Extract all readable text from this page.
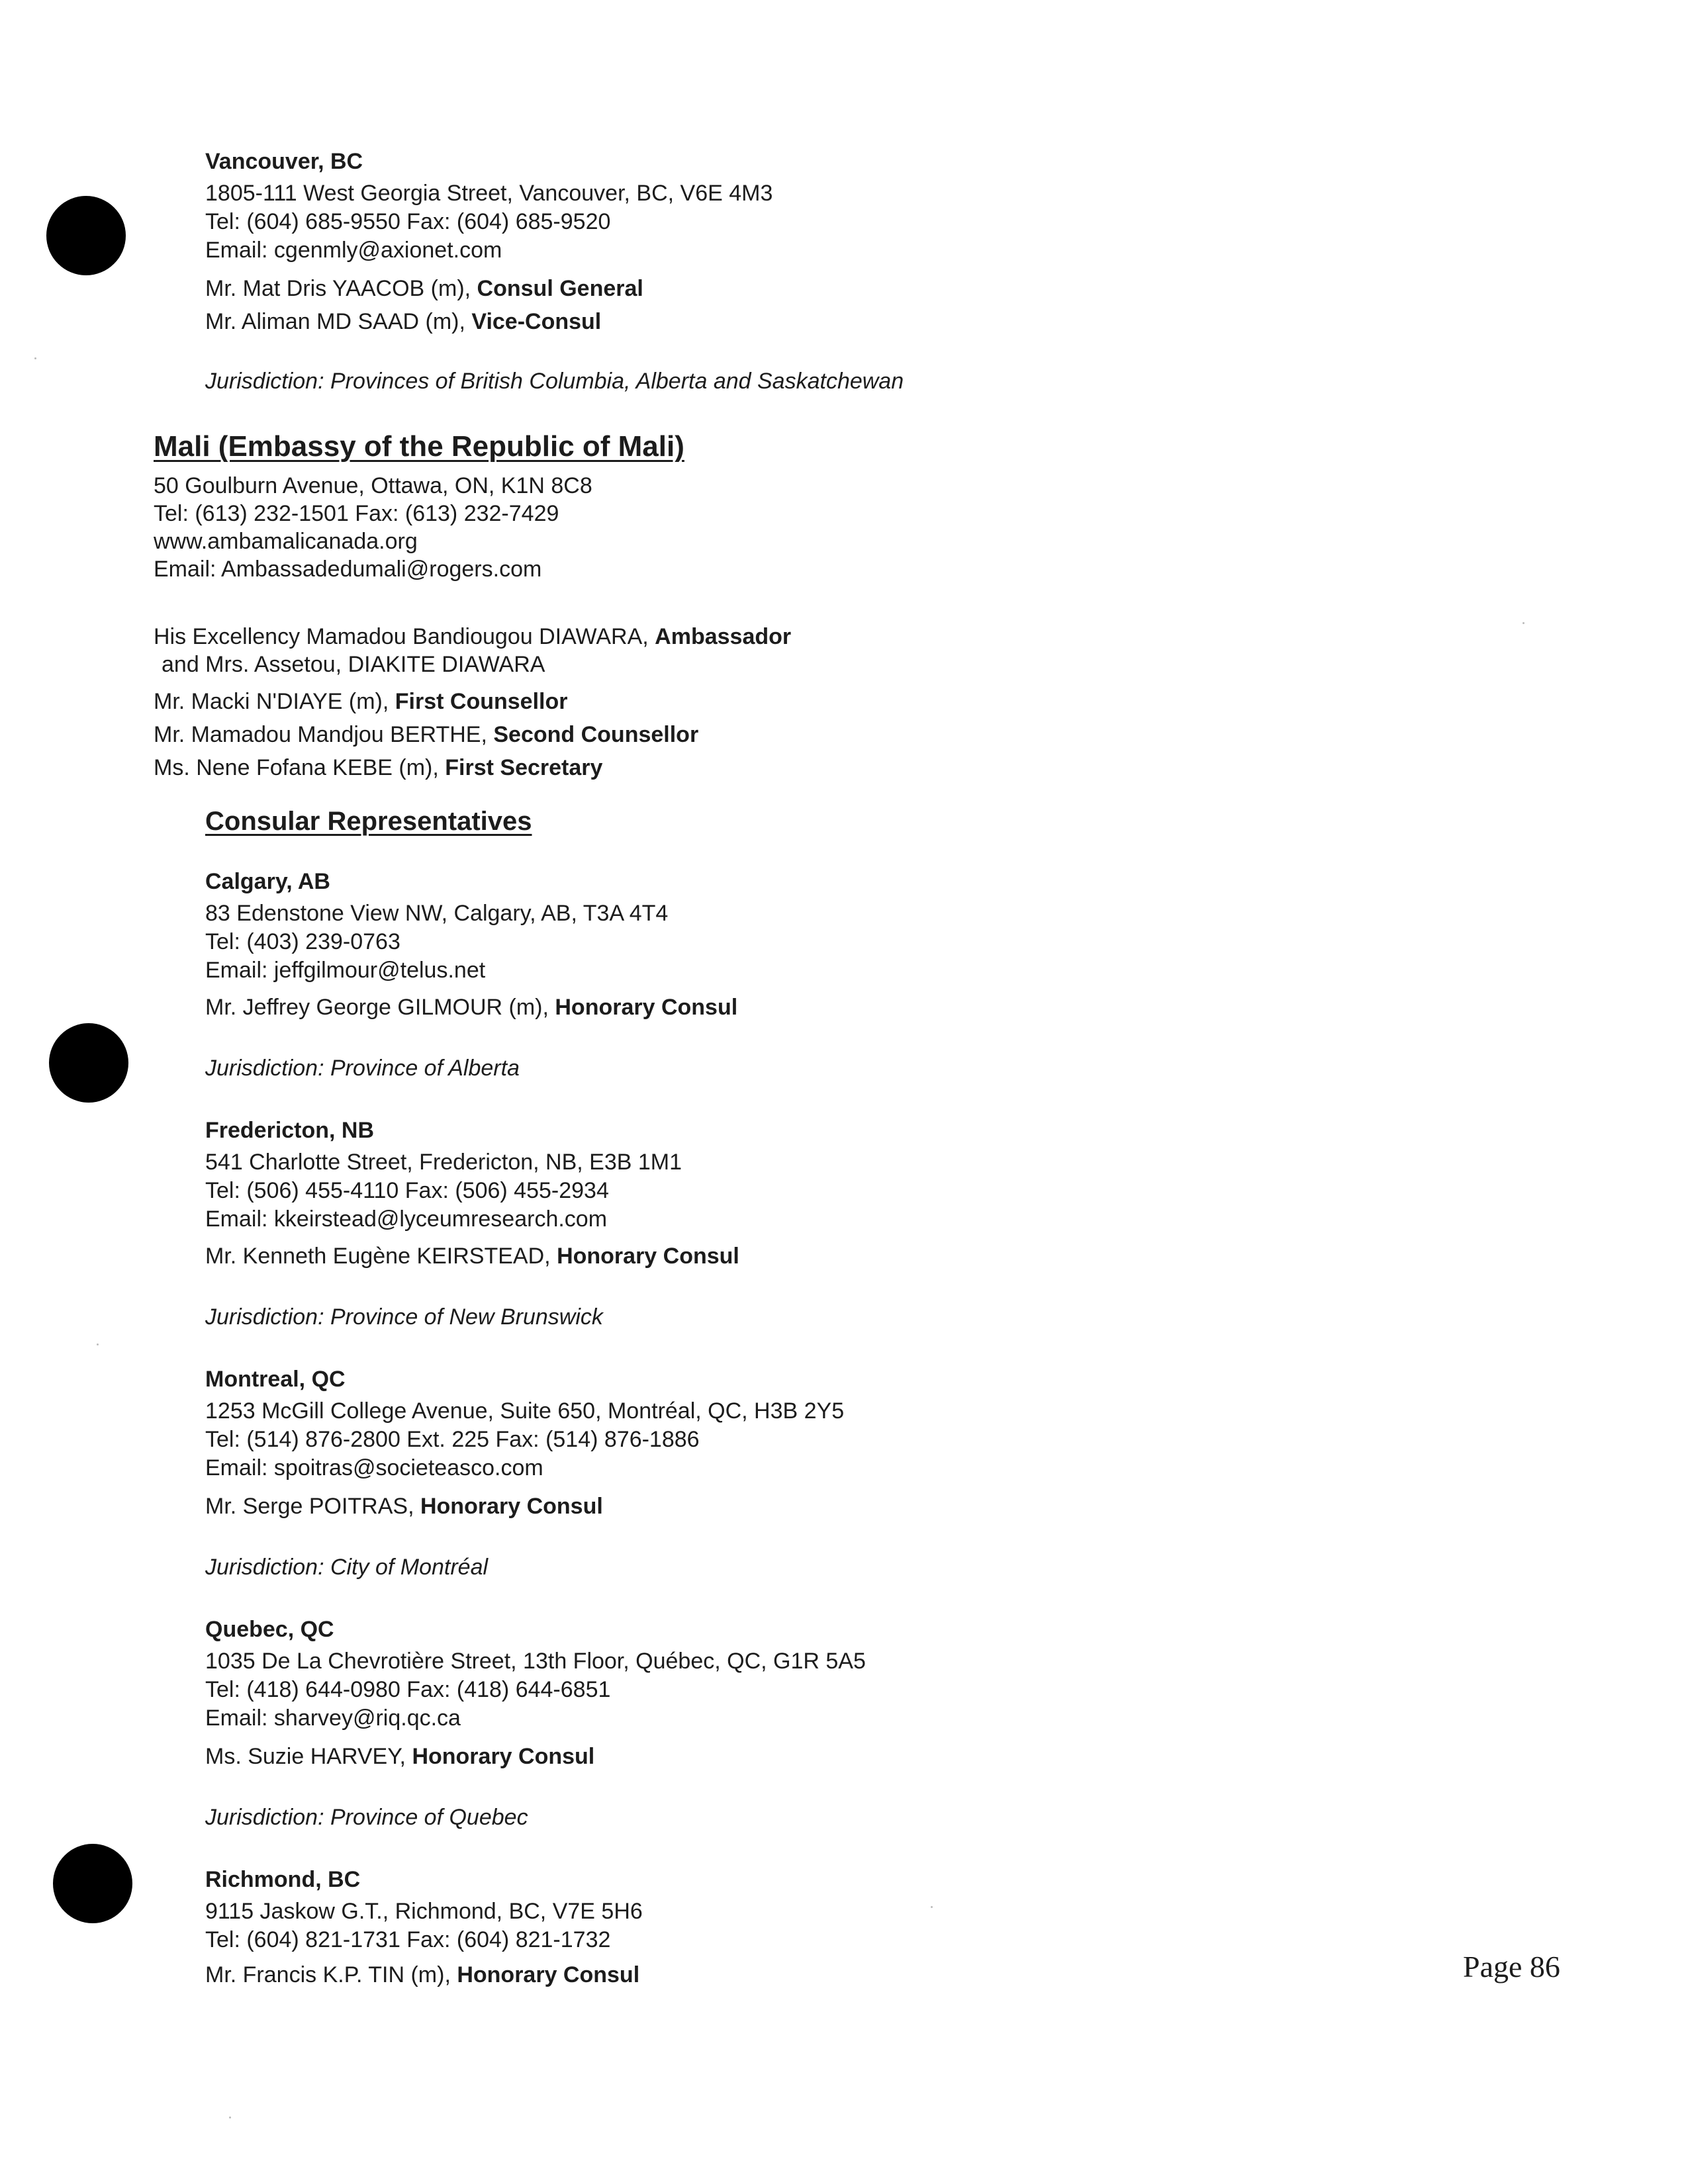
Vancouver, BC
1805-111 West Georgia Street, Vancouver, BC, V6E 4M3
Tel: (604) 685-9550 Fax: (604) 685-9520
Email: cgenmly@axionet.com
Mr. Mat Dris YAACOB (m), Consul General
Mr. Aliman MD SAAD (m), Vice-Consul
Jurisdiction: Provinces of British Columbia, Alberta and Saskatchewan
Mali (Embassy of the Republic of Mali)
50 Goulburn Avenue, Ottawa, ON, K1N 8C8
Tel: (613) 232-1501 Fax: (613) 232-7429
www.ambamalicanada.org
Email: Ambassadedumali@rogers.com
His Excellency Mamadou Bandiougou DIAWARA, Ambassador
and Mrs. Assetou, DIAKITE DIAWARA
Mr. Macki N'DIAYE (m), First Counsellor
Mr. Mamadou Mandjou BERTHE, Second Counsellor
Ms. Nene Fofana KEBE (m), First Secretary
Consular Representatives
Calgary, AB
83 Edenstone View NW, Calgary, AB, T3A 4T4
Tel: (403) 239-0763
Email: jeffgilmour@telus.net
Mr. Jeffrey George GILMOUR (m), Honorary Consul
Jurisdiction: Province of Alberta
Fredericton, NB
541 Charlotte Street, Fredericton, NB, E3B 1M1
Tel: (506) 455-4110 Fax: (506) 455-2934
Email: kkeirstead@lyceumresearch.com
Mr. Kenneth Eugène KEIRSTEAD, Honorary Consul
Jurisdiction: Province of New Brunswick
Montreal, QC
1253 McGill College Avenue, Suite 650, Montréal, QC, H3B 2Y5
Tel: (514) 876-2800 Ext. 225 Fax: (514) 876-1886
Email: spoitras@societeasco.com
Mr. Serge POITRAS, Honorary Consul
Jurisdiction: City of Montréal
Quebec, QC
1035 De La Chevrotière Street, 13th Floor, Québec, QC, G1R 5A5
Tel: (418) 644-0980 Fax: (418) 644-6851
Email: sharvey@riq.qc.ca
Ms. Suzie HARVEY, Honorary Consul
Jurisdiction: Province of Quebec
Richmond, BC
9115 Jaskow G.T., Richmond, BC, V7E 5H6
Tel: (604) 821-1731 Fax: (604) 821-1732
Mr. Francis K.P. TIN (m), Honorary Consul	Page 86
